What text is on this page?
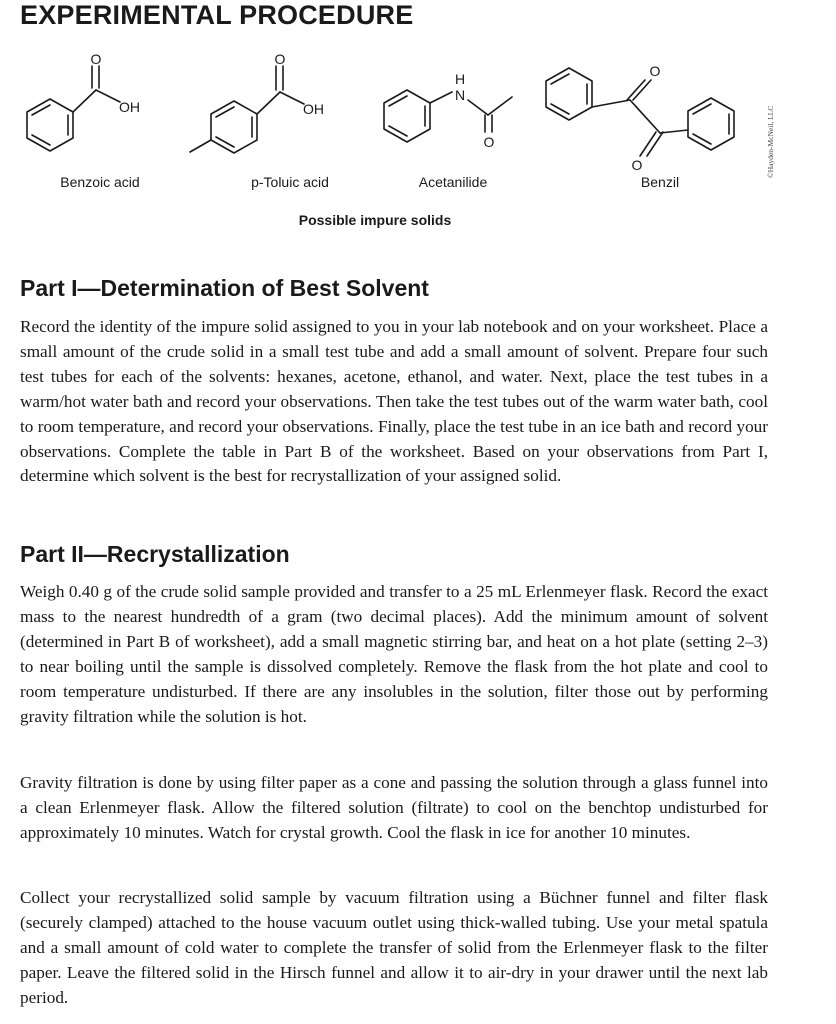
EXPERIMENTAL PROCEDURE
O
OH
O
OH
H
N
O
O
O
Benzoic acid	p-Toluic acid	Acetanilide	Benzil
Possible impure solids
©Hayden-McNeil, LLC
Part I—Determination of Best Solvent

Record the identity of the impure solid assigned to you in your lab notebook and on your worksheet. Place a small amount of the crude solid in a small test tube and add a small amount of solvent. Prepare four such test tubes for each of the solvents: hexanes, acetone, ethanol, and water. Next, place the test tubes in a warm/hot water bath and record your observations. Then take the test tubes out of the warm water bath, cool to room temperature, and record your observations. Finally, place the test tube in an ice bath and record your observations. Complete the table in Part B of the worksheet. Based on your observations from Part I, determine which solvent is the best for recrystallization of your assigned solid.

Part II—Recrystallization

Weigh 0.40 g of the crude solid sample provided and transfer to a 25 mL Erlenmeyer flask. Record the exact mass to the nearest hundredth of a gram (two decimal places). Add the minimum amount of solvent (determined in Part B of worksheet), add a small magnetic stirring bar, and heat on a hot plate (setting 2–3) to near boiling until the sample is dissolved completely. Remove the flask from the hot plate and cool to room temperature undisturbed. If there are any insolubles in the solution, filter those out by performing gravity filtration while the solution is hot.

Gravity filtration is done by using filter paper as a cone and passing the solution through a glass funnel into a clean Erlenmeyer flask. Allow the filtered solution (filtrate) to cool on the benchtop undisturbed for approximately 10 minutes. Watch for crystal growth. Cool the flask in ice for another 10 minutes.

Collect your recrystallized solid sample by vacuum filtration using a Büchner funnel and filter flask (securely clamped) attached to the house vacuum outlet using thick-walled tubing. Use your metal spatula and a small amount of cold water to complete the transfer of solid from the Erlenmeyer flask to the filter paper. Leave the filtered solid in the Hirsch funnel and allow it to air-dry in your drawer until the next lab period.
